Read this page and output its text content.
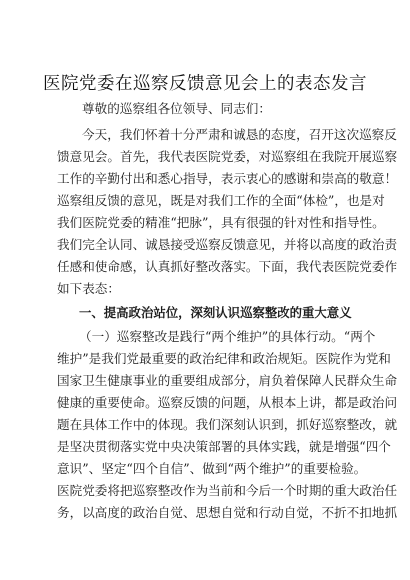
医院党委在巡察反馈意见会上的表态发言

尊敬的巡察组各位领导、同志们：

今天，我们怀着十分严肃和诚恳的态度，召开这次巡察反

馈意见会。首先，我代表医院党委，对巡察组在我院开展巡察

工作的辛勤付出和悉心指导，表示衷心的感谢和崇高的敬意！

巡察组反馈的意见，既是对我们工作的全面“体检”，也是对

我们医院党委的精准“把脉”，具有很强的针对性和指导性。

我们完全认同、诚恳接受巡察反馈意见，并将以高度的政治责

任感和使命感，认真抓好整改落实。下面，我代表医院党委作

如下表态：

一、提高政治站位，深刻认识巡察整改的重大意义

（一）巡察整改是践行“两个维护”的具体行动。“两个

维护”是我们党最重要的政治纪律和政治规矩。医院作为党和

国家卫生健康事业的重要组成部分，肩负着保障人民群众生命

健康的重要使命。巡察反馈的问题，从根本上讲，都是政治问

题在具体工作中的体现。我们深刻认识到，抓好巡察整改，就

是坚决贯彻落实党中央决策部署的具体实践，就是增强“四个

意识”、坚定“四个自信”、做到“两个维护”的重要检验。

医院党委将把巡察整改作为当前和今后一个时期的重大政治任

务，以高度的政治自觉、思想自觉和行动自觉，不折不扣地抓
